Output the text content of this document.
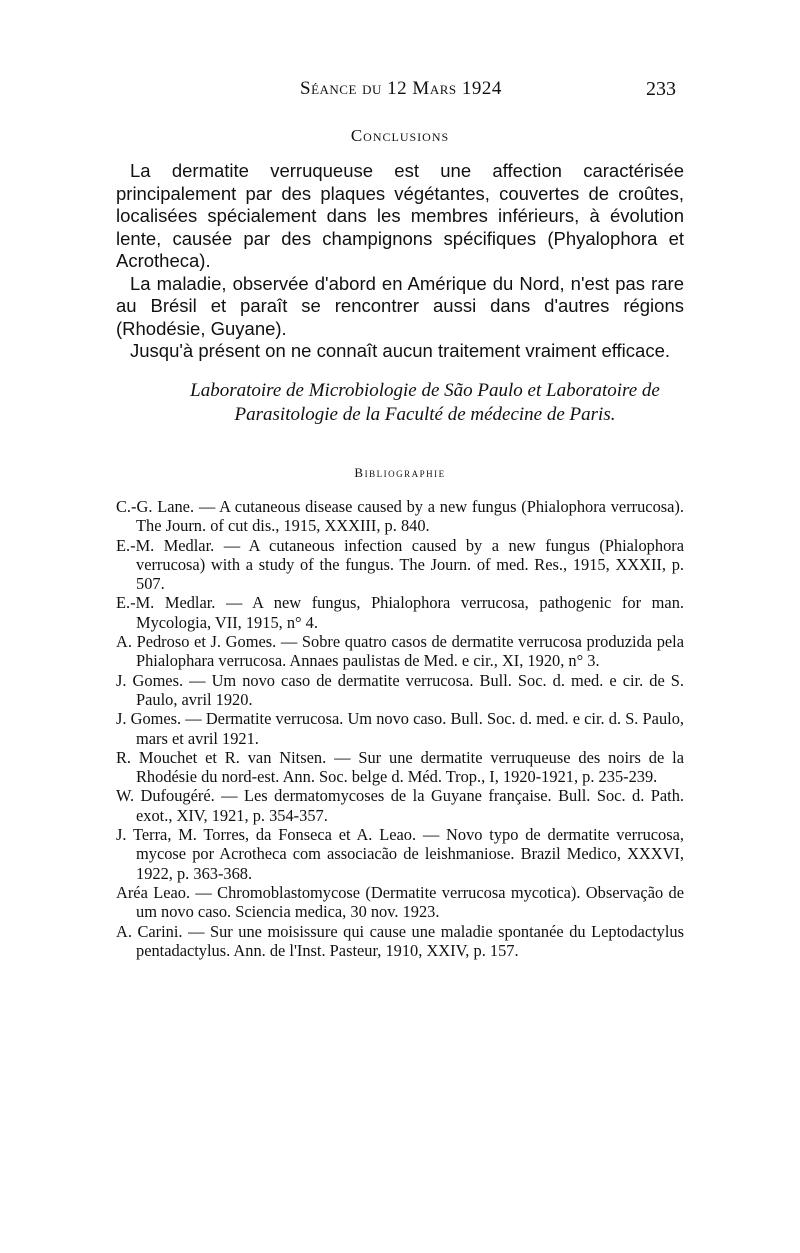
Séance du 12 Mars 1924	233
Conclusions

La dermatite verruqueuse est une affection caractérisée principalement par des plaques végétantes, couvertes de croûtes, localisées spécialement dans les membres inférieurs, à évolution lente, causée par des champignons spécifiques (Phyalophora et Acrotheca).

La maladie, observée d'abord en Amérique du Nord, n'est pas rare au Brésil et paraît se rencontrer aussi dans d'autres régions (Rhodésie, Guyane).

Jusqu'à présent on ne connaît aucun traitement vraiment efficace.

Laboratoire de Microbiologie de São Paulo et Laboratoire de Parasitologie de la Faculté de médecine de Paris.

Bibliographie

C.-G. Lane. — A cutaneous disease caused by a new fungus (Phialophora verrucosa). The Journ. of cut dis., 1915, XXXIII, p. 840.

E.-M. Medlar. — A cutaneous infection caused by a new fungus (Phialophora verrucosa) with a study of the fungus. The Journ. of med. Res., 1915, XXXII, p. 507.

E.-M. Medlar. — A new fungus, Phialophora verrucosa, pathogenic for man. Mycologia, VII, 1915, n° 4.

A. Pedroso et J. Gomes. — Sobre quatro casos de dermatite verrucosa produzida pela Phialophara verrucosa. Annaes paulistas de Med. e cir., XI, 1920, n° 3.

J. Gomes. — Um novo caso de dermatite verrucosa. Bull. Soc. d. med. e cir. de S. Paulo, avril 1920.

J. Gomes. — Dermatite verrucosa. Um novo caso. Bull. Soc. d. med. e cir. d. S. Paulo, mars et avril 1921.

R. Mouchet et R. van Nitsen. — Sur une dermatite verruqueuse des noirs de la Rhodésie du nord-est. Ann. Soc. belge d. Méd. Trop., I, 1920-1921, p. 235-239.

W. Dufougéré. — Les dermatomycoses de la Guyane française. Bull. Soc. d. Path. exot., XIV, 1921, p. 354-357.

J. Terra, M. Torres, da Fonseca et A. Leao. — Novo typo de dermatite verrucosa, mycose por Acrotheca com associacão de leishmaniose. Brazil Medico, XXXVI, 1922, p. 363-368.

Aréa Leao. — Chromoblastomycose (Dermatite verrucosa mycotica). Observação de um novo caso. Sciencia medica, 30 nov. 1923.

A. Carini. — Sur une moisissure qui cause une maladie spontanée du Leptodactylus pentadactylus. Ann. de l'Inst. Pasteur, 1910, XXIV, p. 157.
